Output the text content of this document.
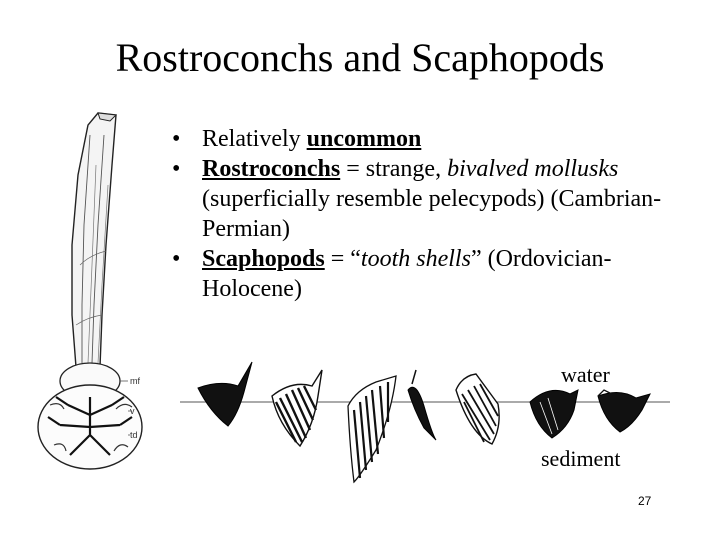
Rostroconchs and Scaphopods
mf
v
td
• Relatively uncommon
• Rostroconchs = strange, bivalved mollusks (superficially resemble pelecypods) (Cambrian-Permian)
• Scaphopods = “tooth shells” (Ordovician-Holocene)
water
sediment
27
